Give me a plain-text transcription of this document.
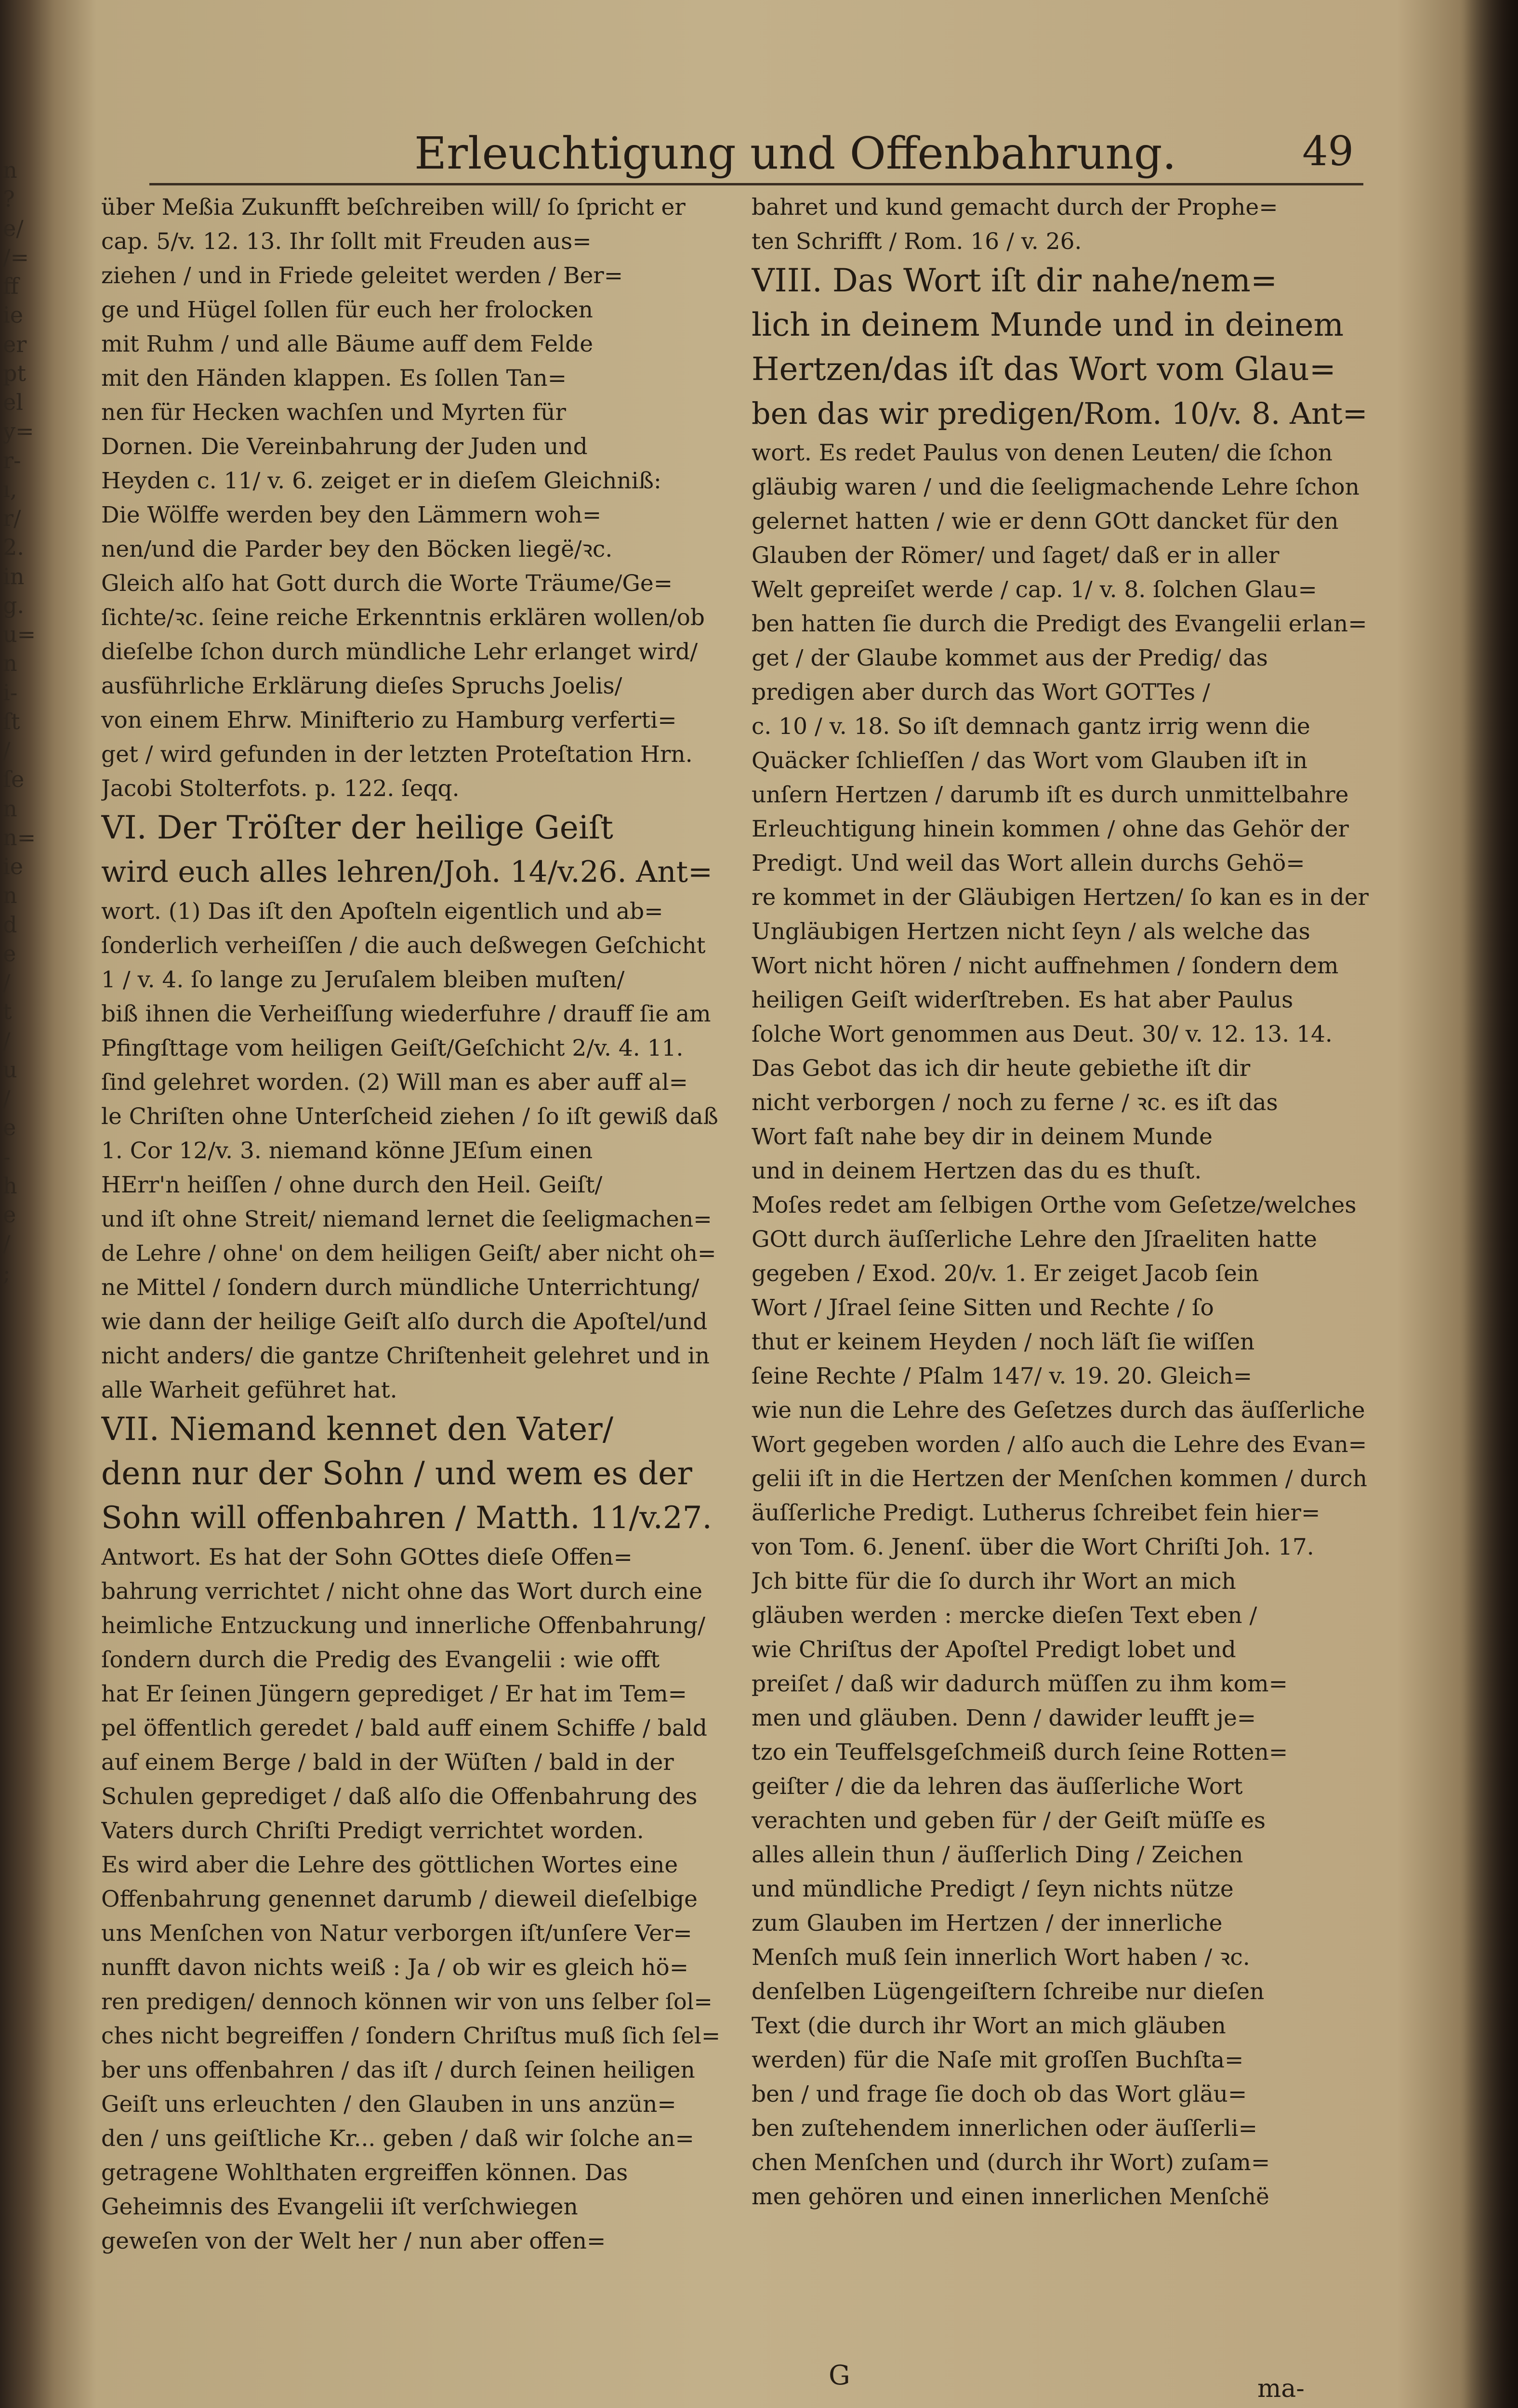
n
?
e/
/=
ff
ie
er
pt
el
y=
r-
ı,
r/
2.
in
g.
u=
n
i-
ſt
/
ſe
n
n=
ie
n
d
e
/
t
/
u
/
e
-
h
e
/
;
Erleuchtigung und Offenbahrung.	49
über Meßia Zukunfft beſchreiben will/ ſo ſpricht er
cap. 5/v. 12. 13. Ihr ſollt mit Freuden aus=
ziehen / und in Friede geleitet werden / Ber=
ge und Hügel ſollen für euch her frolocken
mit Ruhm / und alle Bäume auff dem Felde
mit den Händen klappen. Es ſollen Tan=
nen für Hecken wachſen und Myrten für
Dornen. Die Vereinbahrung der Juden und
Heyden c. 11/ v. 6. zeiget er in dieſem Gleichniß:
Die Wölffe werden bey den Lämmern woh=
nen/und die Parder bey den Böcken liegë/ꝛc.
Gleich alſo hat Gott durch die Worte Träume/Ge=
ſichte/ꝛc. ſeine reiche Erkenntnis erklären wollen/ob
dieſelbe ſchon durch mündliche Lehr erlanget wird/
ausführliche Erklärung dieſes Spruchs Joelis/
von einem Ehrw. Minifterio zu Hamburg verferti=
get / wird gefunden in der letzten Proteſtation Hrn.
Jacobi Stolterfots. p. 122. ſeqq.
VI. Der Tröſter der heilige Geiſt
wird euch alles lehren/Joh. 14/v.26. Ant=
wort. (1) Das iſt den Apoſteln eigentlich und ab=
ſonderlich verheiſſen / die auch deßwegen Geſchicht
1 / v. 4. ſo lange zu Jeruſalem bleiben muſten/
biß ihnen die Verheiſſung wiederfuhre / drauff ſie am
Pfingſttage vom heiligen Geiſt/Geſchicht 2/v. 4. 11.
ſind gelehret worden. (2) Will man es aber auff al=
le Chriſten ohne Unterſcheid ziehen / ſo iſt gewiß daß
1. Cor 12/v. 3. niemand könne JEſum einen
HErr'n heiſſen / ohne durch den Heil. Geiſt/
und iſt ohne Streit/ niemand lernet die ſeeligmachen=
de Lehre / ohne' on dem heiligen Geiſt/ aber nicht oh=
ne Mittel / ſondern durch mündliche Unterrichtung/
wie dann der heilige Geiſt alſo durch die Apoſtel/und
nicht anders/ die gantze Chriſtenheit gelehret und in
alle Warheit geführet hat.
VII. Niemand kennet den Vater/
denn nur der Sohn / und wem es der
Sohn will offenbahren / Matth. 11/v.27.
Antwort. Es hat der Sohn GOttes dieſe Offen=
bahrung verrichtet / nicht ohne das Wort durch eine
heimliche Entzuckung und innerliche Offenbahrung/
ſondern durch die Predig des Evangelii : wie offt
hat Er ſeinen Jüngern geprediget / Er hat im Tem=
pel öffentlich geredet / bald auff einem Schiffe / bald
auf einem Berge / bald in der Wüſten / bald in der
Schulen geprediget / daß alſo die Offenbahrung des
Vaters durch Chriſti Predigt verrichtet worden.
Es wird aber die Lehre des göttlichen Wortes eine
Offenbahrung genennet darumb / dieweil dieſelbige
uns Menſchen von Natur verborgen iſt/unſere Ver=
nunfft davon nichts weiß : Ja / ob wir es gleich hö=
ren predigen/ dennoch können wir von uns ſelber ſol=
ches nicht begreiffen / ſondern Chriſtus muß ſich ſel=
ber uns offenbahren / das iſt / durch ſeinen heiligen
Geiſt uns erleuchten / den Glauben in uns anzün=
den / uns geiſtliche Kr... geben / daß wir ſolche an=
getragene Wohlthaten ergreiffen können. Das
Geheimnis des Evangelii iſt verſchwiegen
geweſen von der Welt her / nun aber offen=
bahret und kund gemacht durch der Prophe=
ten Schrifft / Rom. 16 / v. 26.
VIII. Das Wort iſt dir nahe/nem=
lich in deinem Munde und in deinem
Hertzen/das iſt das Wort vom Glau=
ben das wir predigen/Rom. 10/v. 8. Ant=
wort. Es redet Paulus von denen Leuten/ die ſchon
gläubig waren / und die ſeeligmachende Lehre ſchon
gelernet hatten / wie er denn GOtt dancket für den
Glauben der Römer/ und ſaget/ daß er in aller
Welt gepreiſet werde / cap. 1/ v. 8. ſolchen Glau=
ben hatten ſie durch die Predigt des Evangelii erlan=
get / der Glaube kommet aus der Predig/ das
predigen aber durch das Wort GOTTes /
c. 10 / v. 18. So iſt demnach gantz irrig wenn die
Quäcker ſchlieſſen / das Wort vom Glauben iſt in
unſern Hertzen / darumb iſt es durch unmittelbahre
Erleuchtigung hinein kommen / ohne das Gehör der
Predigt. Und weil das Wort allein durchs Gehö=
re kommet in der Gläubigen Hertzen/ ſo kan es in der
Ungläubigen Hertzen nicht ſeyn / als welche das
Wort nicht hören / nicht auffnehmen / ſondern dem
heiligen Geiſt widerſtreben. Es hat aber Paulus
ſolche Wort genommen aus Deut. 30/ v. 12. 13. 14.
Das Gebot das ich dir heute gebiethe iſt dir
nicht verborgen / noch zu ferne / ꝛc. es iſt das
Wort faſt nahe bey dir in deinem Munde
und in deinem Hertzen das du es thuſt.
Moſes redet am ſelbigen Orthe vom Geſetze/welches
GOtt durch äuſſerliche Lehre den Jſraeliten hatte
gegeben / Exod. 20/v. 1. Er zeiget Jacob ſein
Wort / Jſrael ſeine Sitten und Rechte / ſo
thut er keinem Heyden / noch läſt ſie wiſſen
ſeine Rechte / Pſalm 147/ v. 19. 20. Gleich=
wie nun die Lehre des Geſetzes durch das äuſſerliche
Wort gegeben worden / alſo auch die Lehre des Evan=
gelii iſt in die Hertzen der Menſchen kommen / durch
äuſſerliche Predigt. Lutherus ſchreibet fein hier=
von Tom. 6. Jenenſ. über die Wort Chriſti Joh. 17.
Jch bitte für die ſo durch ihr Wort an mich
gläuben werden : mercke dieſen Text eben /
wie Chriſtus der Apoſtel Predigt lobet und
preiſet / daß wir dadurch müſſen zu ihm kom=
men und gläuben. Denn / dawider leufft je=
tzo ein Teuffelsgeſchmeiß durch ſeine Rotten=
geiſter / die da lehren das äuſſerliche Wort
verachten und geben für / der Geiſt müſſe es
alles allein thun / äuſſerlich Ding / Zeichen
und mündliche Predigt / ſeyn nichts nütze
zum Glauben im Hertzen / der innerliche
Menſch muß ſein innerlich Wort haben / ꝛc.
denſelben Lügengeiſtern ſchreibe nur dieſen
Text (die durch ihr Wort an mich gläuben
werden) für die Naſe mit groſſen Buchſta=
ben / und frage ſie doch ob das Wort gläu=
ben zuſtehendem innerlichen oder äuſſerli=
chen Menſchen und (durch ihr Wort) zuſam=
men gehören und einen innerlichen Menſchë
G	ma-
